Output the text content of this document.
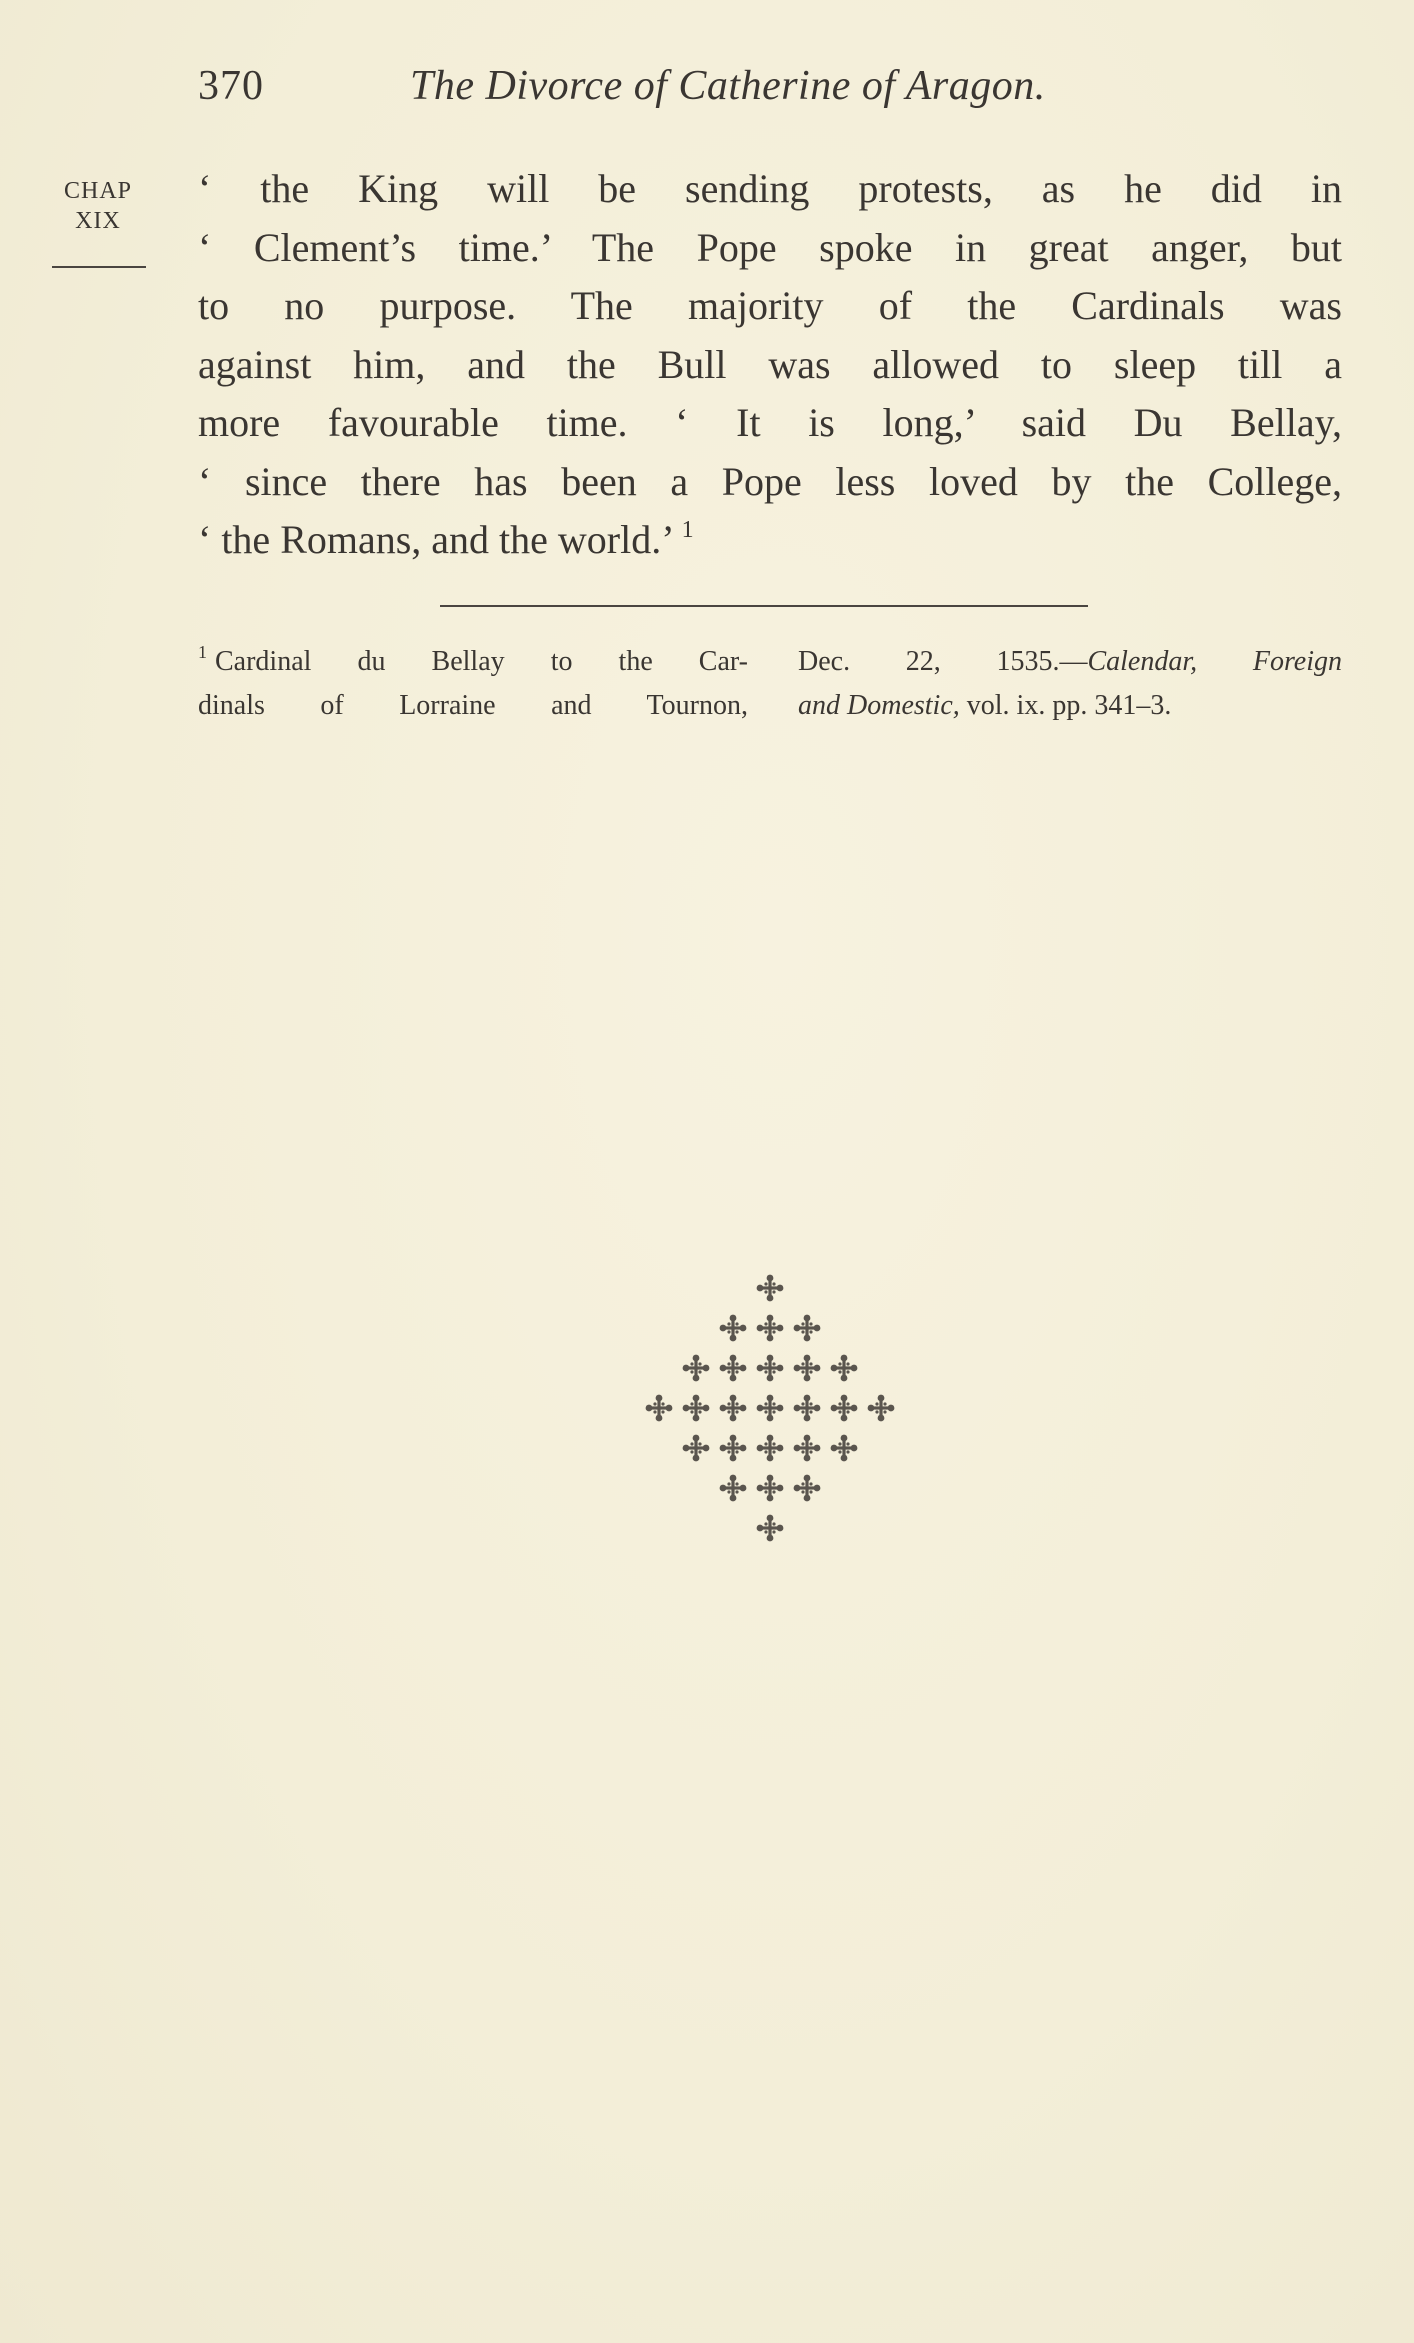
370	The Divorce of Catherine of Aragon.
CHAP
XIX
‘ the King will be sending protests, as he did in
‘ Clement’s time.’ The Pope spoke in great anger, but
to no purpose. The majority of the Cardinals was
against him, and the Bull was allowed to sleep till a
more favourable time. ‘ It is long,’ said Du Bellay,
‘ since there has been a Pope less loved by the College,
‘ the Romans, and the world.’ $^1$
$^1$ Cardinal du Bellay to the Car-
dinals of Lorraine and Tournon,
Dec. 22, 1535.—Calendar, Foreign
and Domestic, vol. ix. pp. 341–3.
